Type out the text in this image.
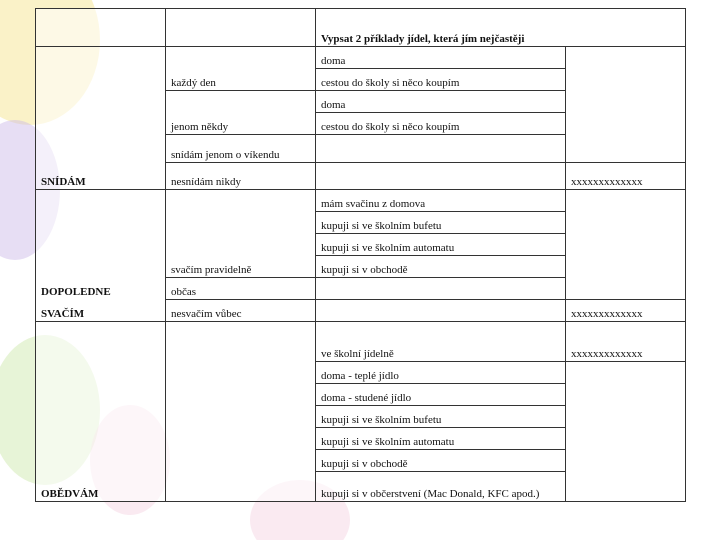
		Vypsat 2 příklady jídel, která jím nejčastěji	
SNÍDÁM	každý den	doma	
		cestou do školy si něco koupím	
	jenom někdy	doma	
		cestou do školy si něco koupím	
	snídám jenom o víkendu		
	nesnídám nikdy		xxxxxxxxxxxxx

DOPOLEDNE
SVAČÍM	svačím pravidelně	mám svačinu z domova	
		kupuji si ve školním bufetu	
		kupuji si ve školním automatu	
		kupuji si v obchodě	
	občas		
	nesvačím vůbec		xxxxxxxxxxxxx
OBĚDVÁM		ve školní jídelně	xxxxxxxxxxxxx
		doma - teplé jídlo	
		doma - studené jídlo	
		kupuji si ve školním bufetu	
		kupuji si ve školním automatu	
		kupuji si v obchodě	
		kupuji si v občerstvení (Mac Donald, KFC apod.)	
